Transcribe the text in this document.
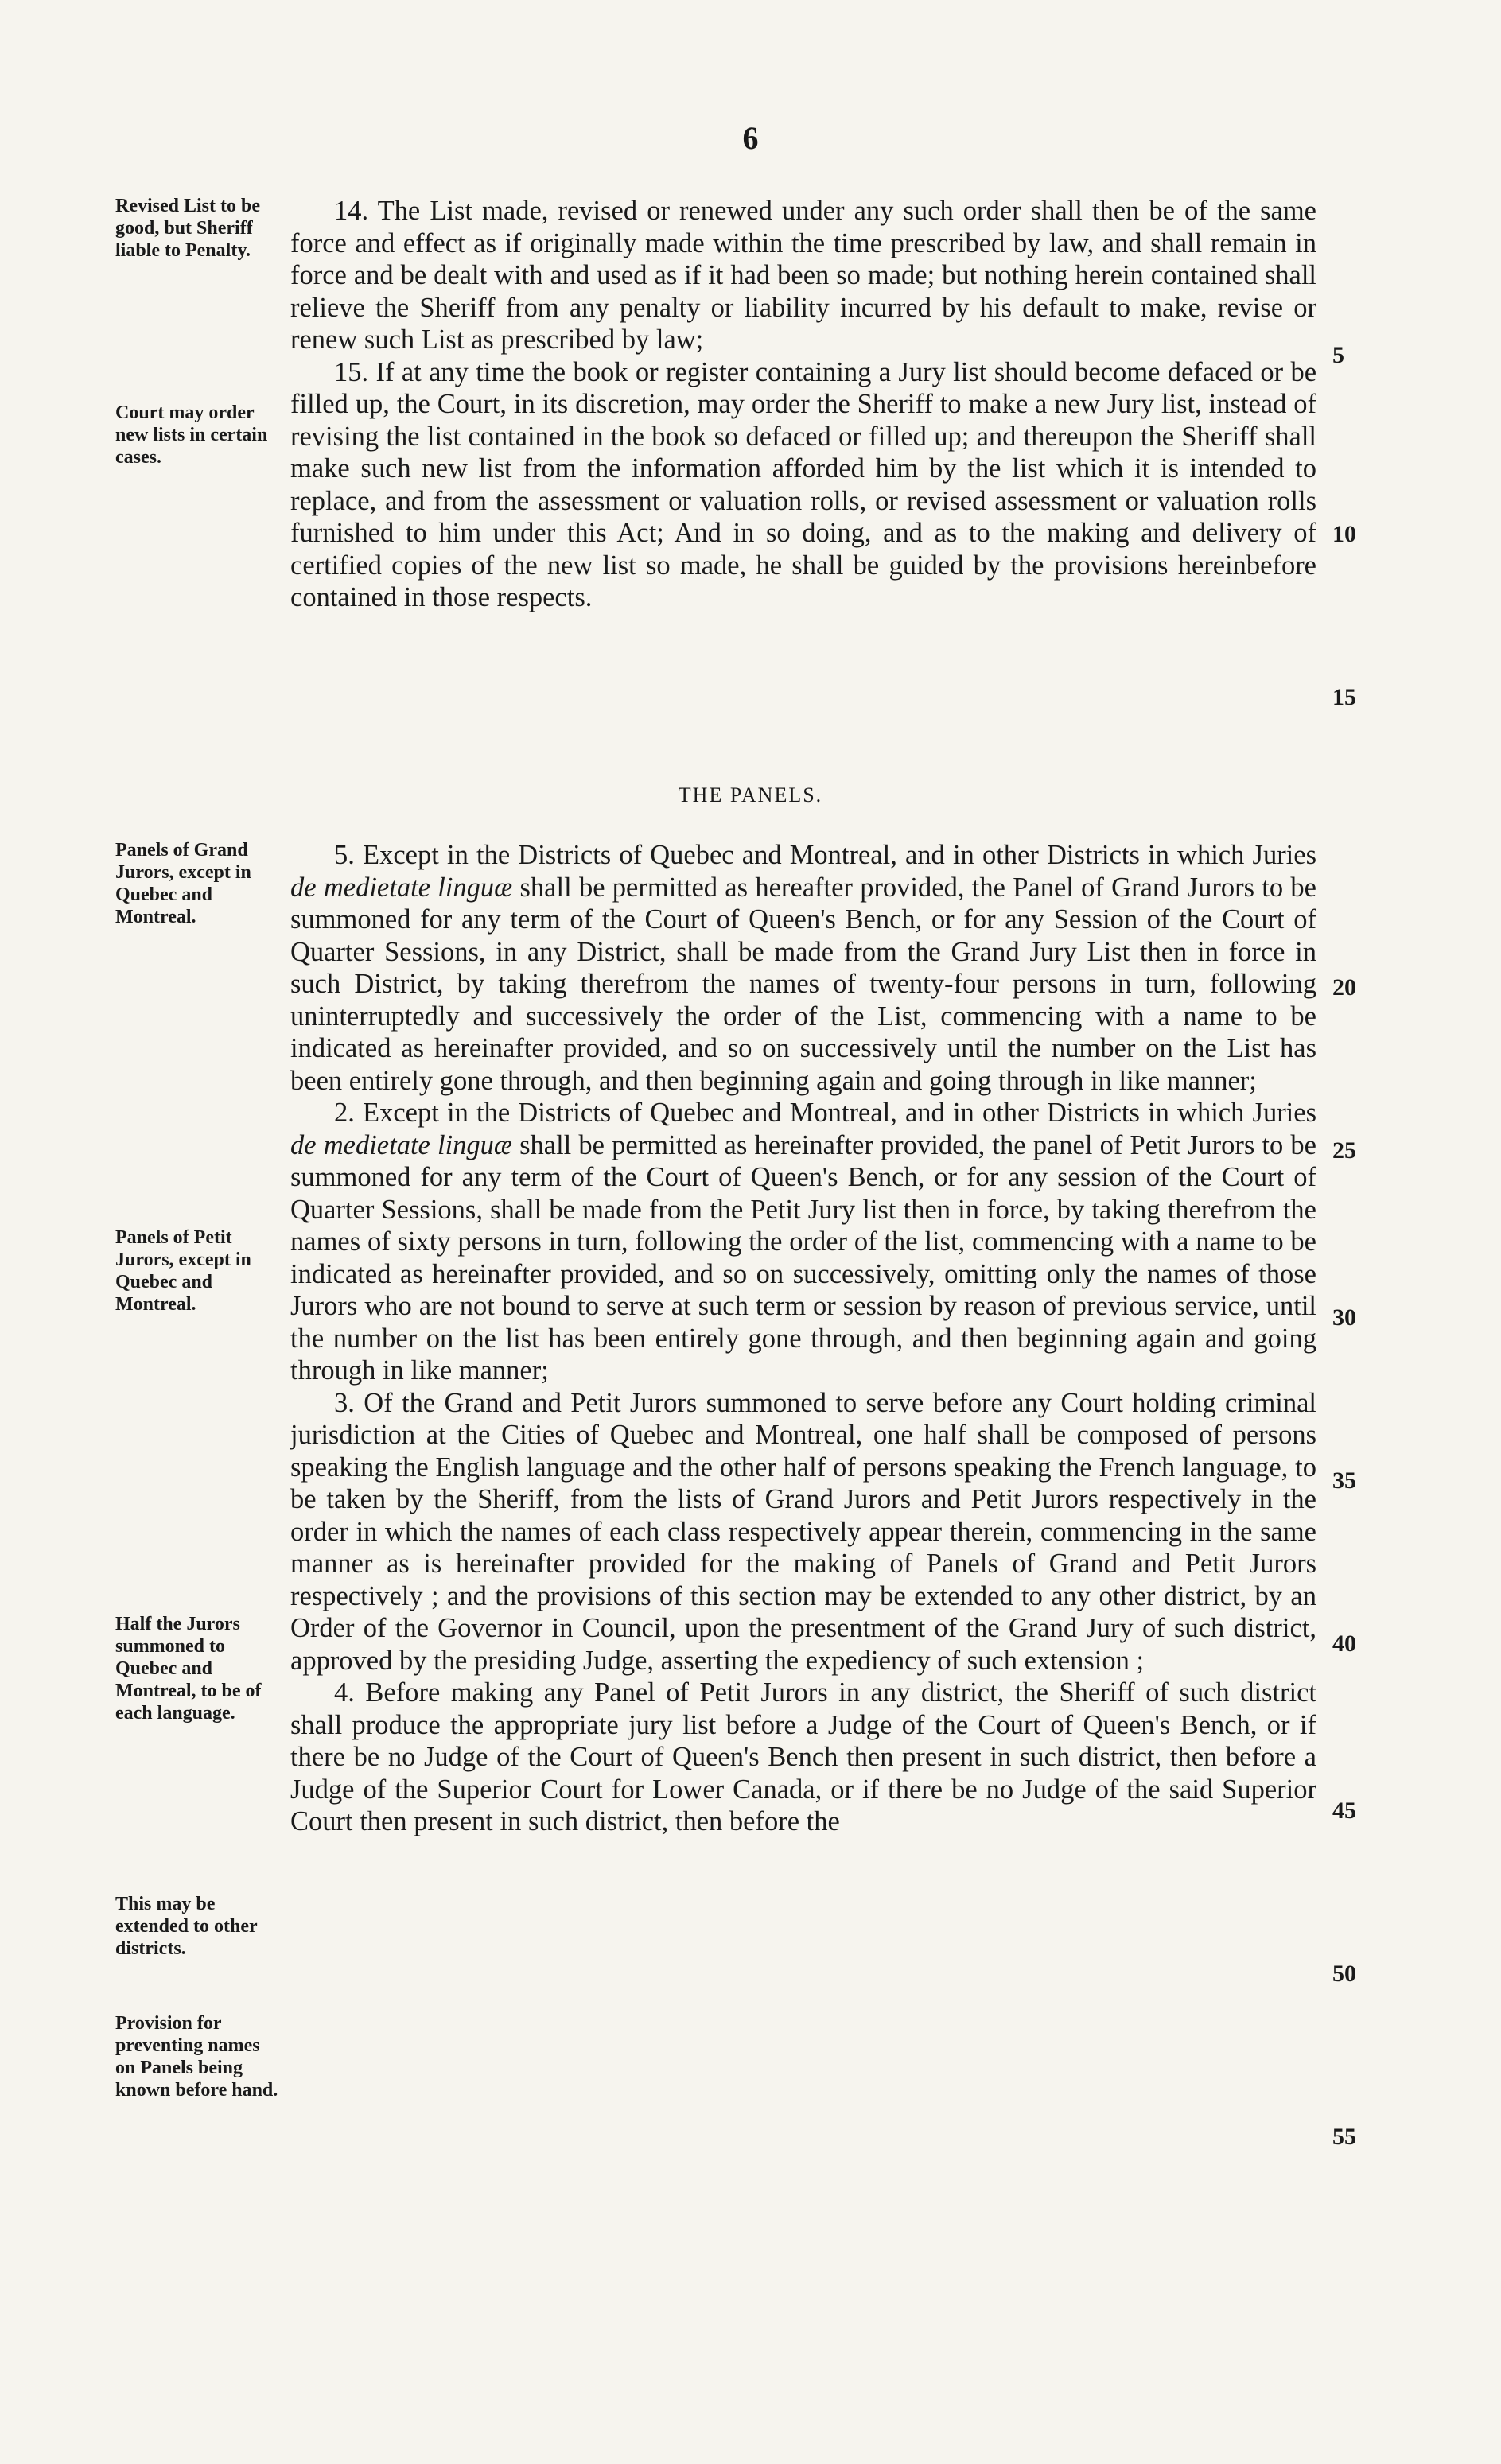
6
Revised List to be good, but Sheriff liable to Penalty.
Court may order new lists in certain cases.
Panels of Grand Jurors, except in Quebec and Montreal.
Panels of Petit Jurors, except in Quebec and Montreal.
Half the Jurors summoned to Quebec and Montreal, to be of each language.
This may be extended to other districts.
Provision for preventing names on Panels being known before hand.

14. The List made, revised or renewed under any such order shall then be of the same force and effect as if originally made within the time prescribed by law, and shall remain in force and be dealt with and used as if it had been so made; but nothing herein contained shall relieve the Sheriff from any penalty or liability incurred by his default to make, revise or renew such List as prescribed by law;

15. If at any time the book or register containing a Jury list should become defaced or be filled up, the Court, in its discretion, may order the Sheriff to make a new Jury list, instead of revising the list contained in the book so defaced or filled up; and thereupon the Sheriff shall make such new list from the information afforded him by the list which it is intended to replace, and from the assessment or valuation rolls, or revised assessment or valuation rolls furnished to him under this Act; And in so doing, and as to the making and delivery of certified copies of the new list so made, he shall be guided by the provisions hereinbefore contained in those respects.

THE PANELS.

5. Except in the Districts of Quebec and Montreal, and in other Districts in which Juries de medietate linguæ shall be permitted as hereafter provided, the Panel of Grand Jurors to be summoned for any term of the Court of Queen's Bench, or for any Session of the Court of Quarter Sessions, in any District, shall be made from the Grand Jury List then in force in such District, by taking therefrom the names of twenty-four persons in turn, following uninterruptedly and successively the order of the List, commencing with a name to be indicated as hereinafter provided, and so on successively until the number on the List has been entirely gone through, and then beginning again and going through in like manner;

2. Except in the Districts of Quebec and Montreal, and in other Districts in which Juries de medietate linguæ shall be permitted as hereinafter provided, the panel of Petit Jurors to be summoned for any term of the Court of Queen's Bench, or for any session of the Court of Quarter Sessions, shall be made from the Petit Jury list then in force, by taking therefrom the names of sixty persons in turn, following the order of the list, commencing with a name to be indicated as hereinafter provided, and so on successively, omitting only the names of those Jurors who are not bound to serve at such term or session by reason of previous service, until the number on the list has been entirely gone through, and then beginning again and going through in like manner;

3. Of the Grand and Petit Jurors summoned to serve before any Court holding criminal jurisdiction at the Cities of Quebec and Montreal, one half shall be composed of persons speaking the English language and the other half of persons speaking the French language, to be taken by the Sheriff, from the lists of Grand Jurors and Petit Jurors respectively in the order in which the names of each class respectively appear therein, commencing in the same manner as is hereinafter provided for the making of Panels of Grand and Petit Jurors respectively ; and the provisions of this section may be extended to any other district, by an Order of the Governor in Council, upon the presentment of the Grand Jury of such district, approved by the presiding Judge, asserting the expediency of such extension ;

4. Before making any Panel of Petit Jurors in any district, the Sheriff of such district shall produce the appropriate jury list before a Judge of the Court of Queen's Bench, or if there be no Judge of the Court of Queen's Bench then present in such district, then before a Judge of the Superior Court for Lower Canada, or if there be no Judge of the said Superior Court then present in such district, then before the

5
10
15
20
25
30
35
40
45
50
55
